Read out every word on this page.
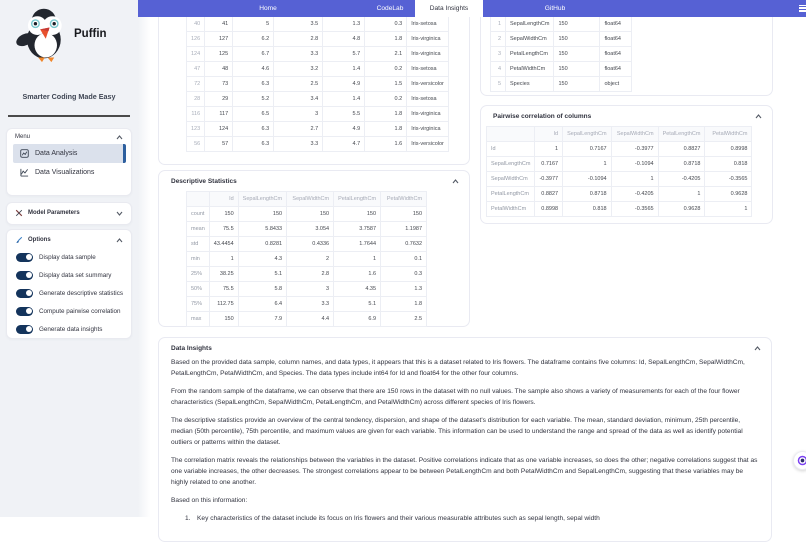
Puffin
Smarter Coding Made Easy
Menu
Data Analysis
Data Visualizations
Model Parameters
Options
Display data sample
Display data set summary
Generate descriptive statistics
Compute pairwise correlation
Generate data insights
Home	CodeLab	Data Insights	GitHub
40	41	5	3.5	1.3	0.3	Iris-setosa
126	127	6.2	2.8	4.8	1.8	Iris-virginica
124	125	6.7	3.3	5.7	2.1	Iris-virginica
47	48	4.6	3.2	1.4	0.2	Iris-setosa
72	73	6.3	2.5	4.9	1.5	Iris-versicolor
28	29	5.2	3.4	1.4	0.2	Iris-setosa
116	117	6.5	3	5.5	1.8	Iris-virginica
123	124	6.3	2.7	4.9	1.8	Iris-virginica
56	57	6.3	3.3	4.7	1.6	Iris-versicolor
1	SepalLengthCm	150	float64
2	SepalWidthCm	150	float64
3	PetalLengthCm	150	float64
4	PetalWidthCm	150	float64
5	Species	150	object
Pairwise correlation of columns
	Id	SepalLengthCm	SepalWidthCm	PetalLengthCm	PetalWidthCm
Id	1	0.7167	-0.3977	0.8827	0.8998
SepalLengthCm	0.7167	1	-0.1094	0.8718	0.818
SepalWidthCm	-0.3977	-0.1094	1	-0.4205	-0.3565
PetalLengthCm	0.8827	0.8718	-0.4205	1	0.9628
PetalWidthCm	0.8998	0.818	-0.3565	0.9628	1
Descriptive Statistics
	Id	SepalLengthCm	SepalWidthCm	PetalLengthCm	PetalWidthCm
count	150	150	150	150	150
mean	75.5	5.8433	3.054	3.7587	1.1987
std	43.4454	0.8281	0.4336	1.7644	0.7632
min	1	4.3	2	1	0.1
25%	38.25	5.1	2.8	1.6	0.3
50%	75.5	5.8	3	4.35	1.3
75%	112.75	6.4	3.3	5.1	1.8
max	150	7.9	4.4	6.9	2.5
Data Insights

Based on the provided data sample, column names, and data types, it appears that this is a dataset related to Iris flowers. The dataframe contains five columns: Id, SepalLengthCm, SepalWidthCm, PetalLengthCm, PetalWidthCm, and Species. The data types include int64 for Id and float64 for the other four columns.

From the random sample of the dataframe, we can observe that there are 150 rows in the dataset with no null values. The sample also shows a variety of measurements for each of the four flower characteristics (SepalLengthCm, SepalWidthCm, PetalLengthCm, and PetalWidthCm) across different species of Iris flowers.

The descriptive statistics provide an overview of the central tendency, dispersion, and shape of the dataset's distribution for each variable. The mean, standard deviation, minimum, 25th percentile, median (50th percentile), 75th percentile, and maximum values are given for each variable. This information can be used to understand the range and spread of the data as well as identify potential outliers or patterns within the dataset.

The correlation matrix reveals the relationships between the variables in the dataset. Positive correlations indicate that as one variable increases, so does the other; negative correlations suggest that as one variable increases, the other decreases. The strongest correlations appear to be between PetalLengthCm and both PetalWidthCm and SepalLengthCm, suggesting that these variables may be highly related to one another.

Based on this information:

1. Key characteristics of the dataset include its focus on Iris flowers and their various measurable attributes such as sepal length, sepal width
